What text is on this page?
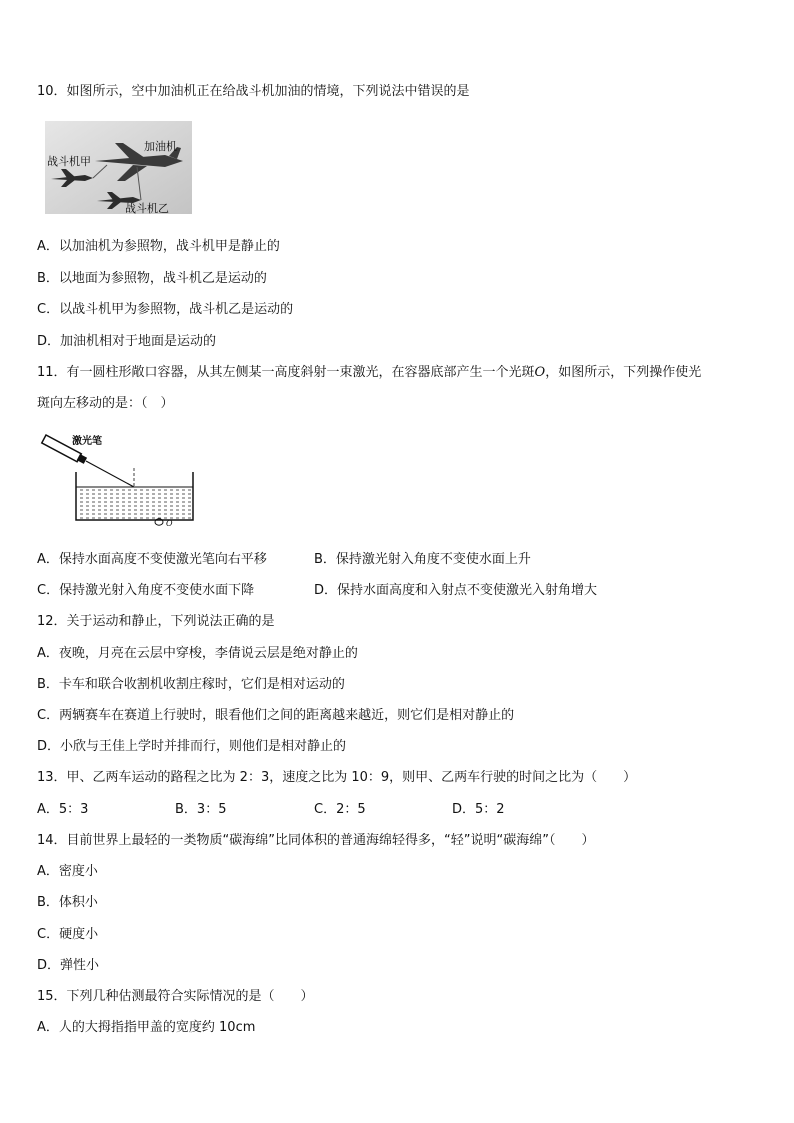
10．如图所示，空中加油机正在给战斗机加油的情境，下列说法中错误的是
加油机
战斗机甲
战斗机乙
A．以加油机为参照物，战斗机甲是静止的
B．以地面为参照物，战斗机乙是运动的
C．以战斗机甲为参照物，战斗机乙是运动的
D．加油机相对于地面是运动的
11．有一圆柱形敞口容器，从其左侧某一高度斜射一束激光，在容器底部产生一个光斑O，如图所示，下列操作使光
斑向左移动的是：（　）
激光笔
O
A．保持水面高度不变使激光笔向右平移	B．保持激光射入角度不变使水面上升
C．保持激光射入角度不变使水面下降	D．保持水面高度和入射点不变使激光入射角增大
12．关于运动和静止，下列说法正确的是
A．夜晚，月亮在云层中穿梭，李倩说云层是绝对静止的
B．卡车和联合收割机收割庄稼时，它们是相对运动的
C．两辆赛车在赛道上行驶时，眼看他们之间的距离越来越近，则它们是相对静止的
D．小欣与王佳上学时并排而行，则他们是相对静止的
13．甲、乙两车运动的路程之比为 2：3，速度之比为 10：9，则甲、乙两车行驶的时间之比为（　　）
A．5：3	B．3：5	C．2：5	D．5：2
14．目前世界上最轻的一类物质“碳海绵”比同体积的普通海绵轻得多，“轻”说明“碳海绵”（　　）
A．密度小
B．体积小
C．硬度小
D．弹性小
15．下列几种估测最符合实际情况的是（　　）
A．人的大拇指指甲盖的宽度约 10cm
